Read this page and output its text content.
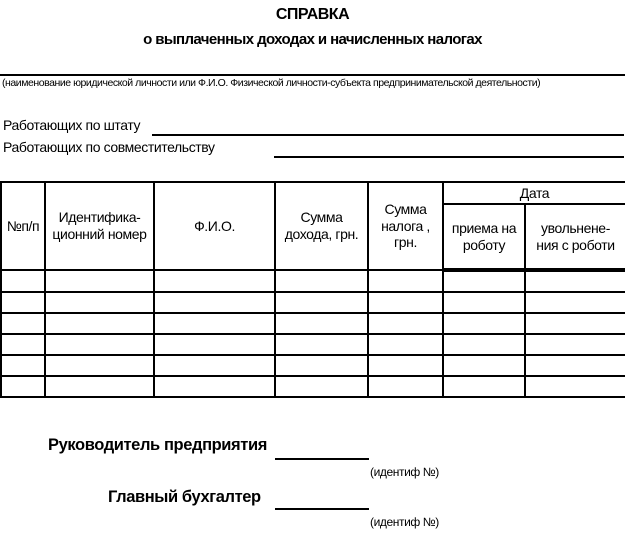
СПРАВКА
о выплаченных доходах и начисленных налогах
(наименование юридической личности или Ф.И.О. Физической личности-субъекта предпринимательской деятельности)
Работающих по штату
Работающих по совместительству
№п/п	Идентифика-ционний номер	Ф.И.О.	Сумма дохода, грн.	Сумма налога , грн.	Дата	
					приема на роботу	увольнене-ния с роботи

Руководитель предприятия
(идентиф №)
Главный бухгалтер
(идентиф №)
